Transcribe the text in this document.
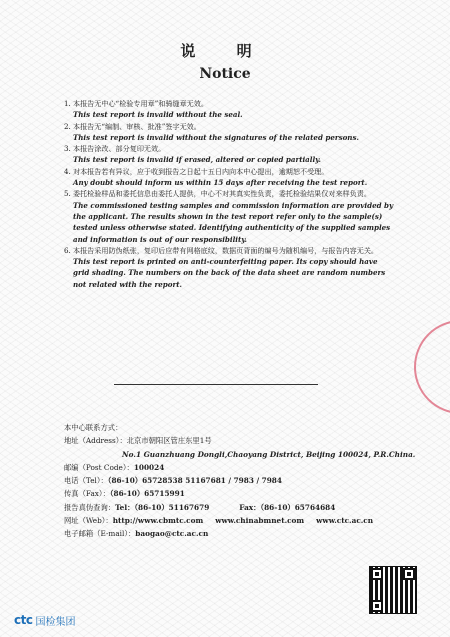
说 明
Notice
1. 本报告无中心“检验专用章”和骑缝章无效。
This test report is invalid without the seal.
2. 本报告无“编制、审核、批准”签字无效。
This test report is invalid without the signatures of the related persons.
3. 本报告涂改、部分复印无效。
This test report is invalid if erased, altered or copied partially.
4. 对本报告若有异议，应于收到报告之日起十五日内向本中心提出，逾期恕不受理。
Any doubt should inform us within 15 days after receiving the test report.
5. 委托检验样品和委托信息由委托人提供，中心不对其真实性负责，委托检验结果仅对来样负责。
The commissioned testing samples and commission information are provided by the applicant. The results shown in the test report refer only to the sample(s) tested unless otherwise stated. Identifying authenticity of the supplied samples and information is out of our responsibility.
6. 本报告采用防伪纸张，复印后应带有网格底纹，数据页背面的编号为随机编号，与报告内容无关。
This test report is printed on anti-counterfeiting paper. Its copy should have grid shading. The numbers on the back of the data sheet are random numbers not related with the report.
本中心联系方式：
地址（Address）：北京市朝阳区管庄东里1号
No.1 Guanzhuang Dongli,Chaoyang District, Beijing 100024, P.R.China.
邮编（Post Code）：100024
电话（Tel）：（86-10）65728538 51167681 / 7983 / 7984
传真（Fax）：（86-10）65715991
报告真伪查询：Tel：（86-10）51167679	Fax：（86-10）65764684
网址（Web）：http://www.cbmtc.com www.chinabmnet.com www.ctc.ac.cn
电子邮箱（E-mail）：baogao@ctc.ac.cn
ctc 国检集团
